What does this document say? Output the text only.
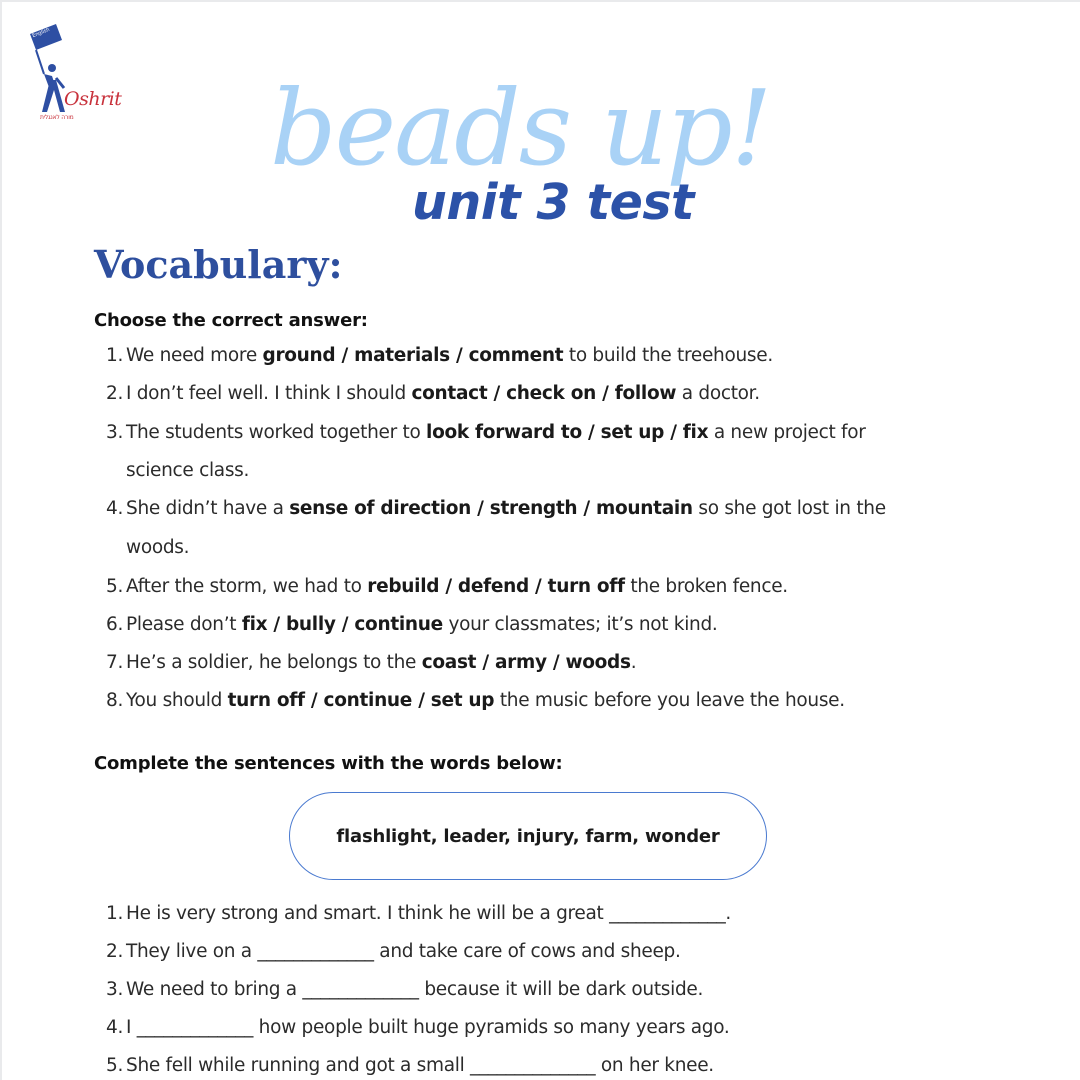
English
Oshrit
מורה לאנגלית beads up!
unit 3 test
Vocabulary:
Choose the correct answer:
1. We need more ground / materials / comment to build the treehouse.
2. I don’t feel well. I think I should contact / check on / follow a doctor.
3. The students worked together to look forward to / set up / fix a new project for
science class.
4. She didn’t have a sense of direction / strength / mountain so she got lost in the
woods.
5. After the storm, we had to rebuild / defend / turn off the broken fence.
6. Please don’t fix / bully / continue your classmates; it’s not kind.
7. He’s a soldier, he belongs to the coast / army / woods.
8. You should turn off / continue / set up the music before you leave the house.
Complete the sentences with the words below:
flashlight, leader, injury, farm, wonder
1. He is very strong and smart. I think he will be a great _____________.
2. They live on a _____________ and take care of cows and sheep.
3. We need to bring a _____________ because it will be dark outside.
4. I _____________ how people built huge pyramids so many years ago.
5. She fell while running and got a small ______________ on her knee.
